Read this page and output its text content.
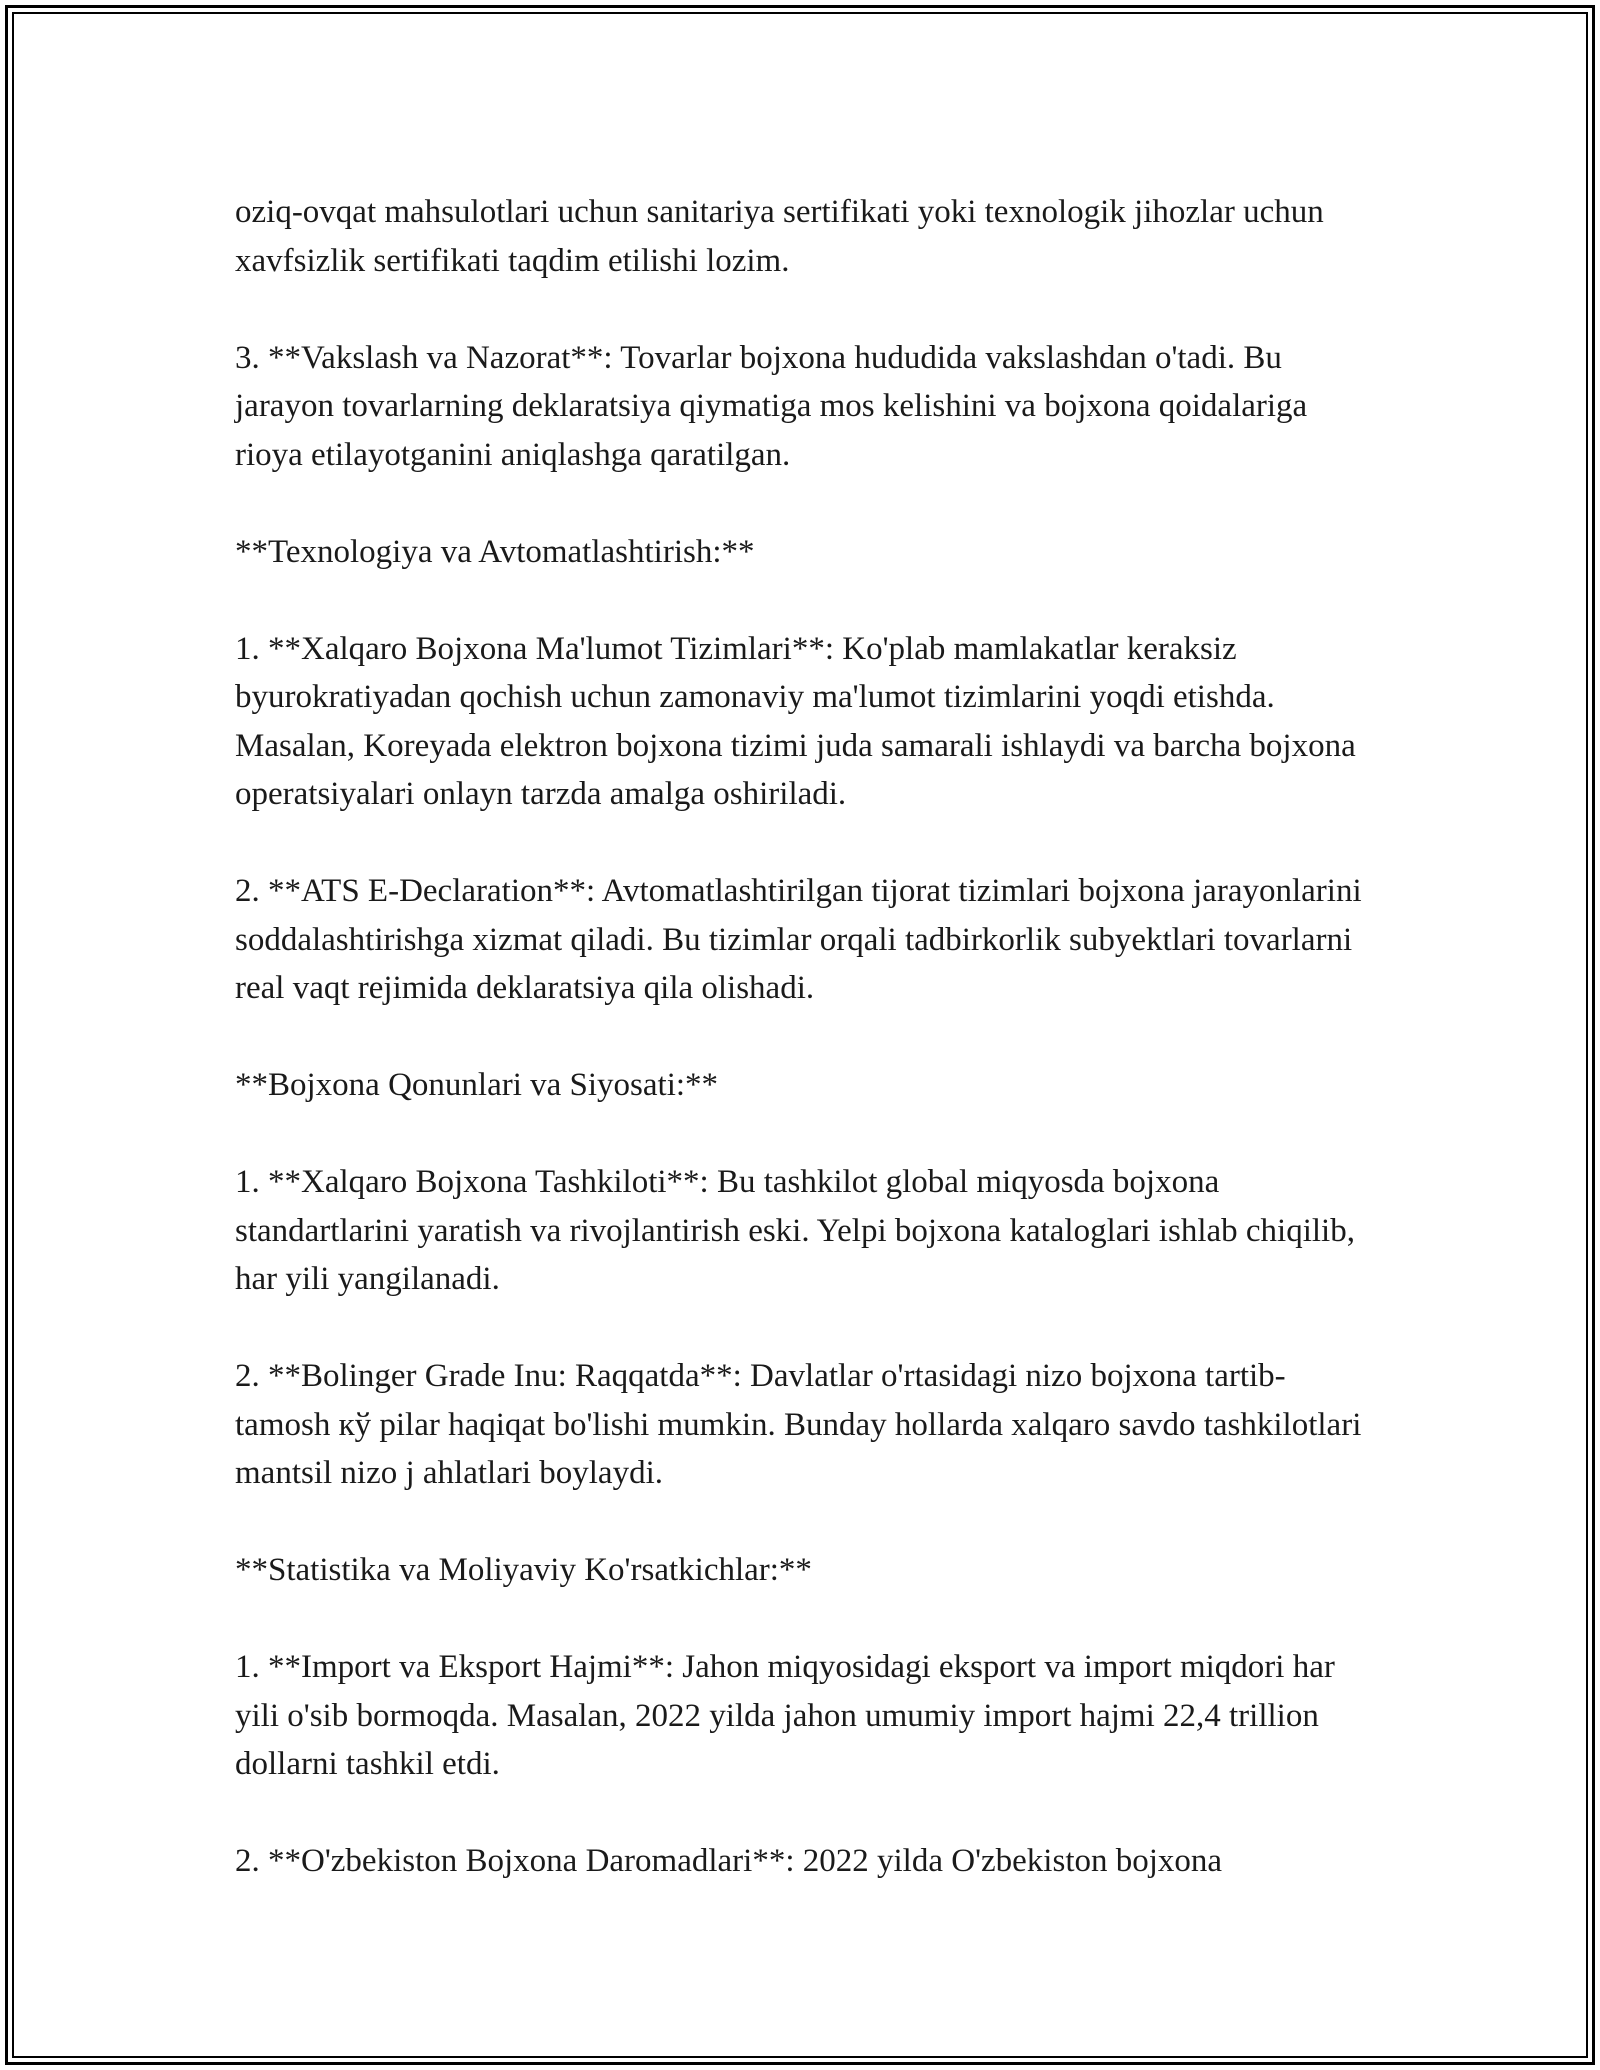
oziq-ovqat mahsulotlari uchun sanitariya sertifikati yoki texnologik jihozlar uchun xavfsizlik sertifikati taqdim etilishi lozim.

3. **Vakslash va Nazorat**: Tovarlar bojxona hududida vakslashdan o'tadi. Bu jarayon tovarlarning deklaratsiya qiymatiga mos kelishini va bojxona qoidalariga rioya etilayotganini aniqlashga qaratilgan.

**Texnologiya va Avtomatlashtirish:**

1. **Xalqaro Bojxona Ma'lumot Tizimlari**: Ko'plab mamlakatlar keraksiz byurokratiyadan qochish uchun zamonaviy ma'lumot tizimlarini yoqdi etishda. Masalan, Koreyada elektron bojxona tizimi juda samarali ishlaydi va barcha bojxona operatsiyalari onlayn tarzda amalga oshiriladi.

2. **ATS E-Declaration**: Avtomatlashtirilgan tijorat tizimlari bojxona jarayonlarini soddalashtirishga xizmat qiladi. Bu tizimlar orqali tadbirkorlik subyektlari tovarlarni real vaqt rejimida deklaratsiya qila olishadi.

**Bojxona Qonunlari va Siyosati:**

1. **Xalqaro Bojxona Tashkiloti**: Bu tashkilot global miqyosda bojxona standartlarini yaratish va rivojlantirish eski. Yelpi bojxona kataloglari ishlab chiqilib, har yili yangilanadi.

2. **Bolinger Grade Inu: Raqqatda**: Davlatlar o'rtasidagi nizo bojxona tartib-tamosh кў pilar haqiqat bo'lishi mumkin. Bunday hollarda xalqaro savdo tashkilotlari mantsil nizo j ahlatlari boylaydi.

**Statistika va Moliyaviy Ko'rsatkichlar:**

1. **Import va Eksport Hajmi**: Jahon miqyosidagi eksport va import miqdori har yili o'sib bormoqda. Masalan, 2022 yilda jahon umumiy import hajmi 22,4 trillion dollarni tashkil etdi.

2. **O'zbekiston Bojxona Daromadlari**: 2022 yilda O'zbekiston bojxona
